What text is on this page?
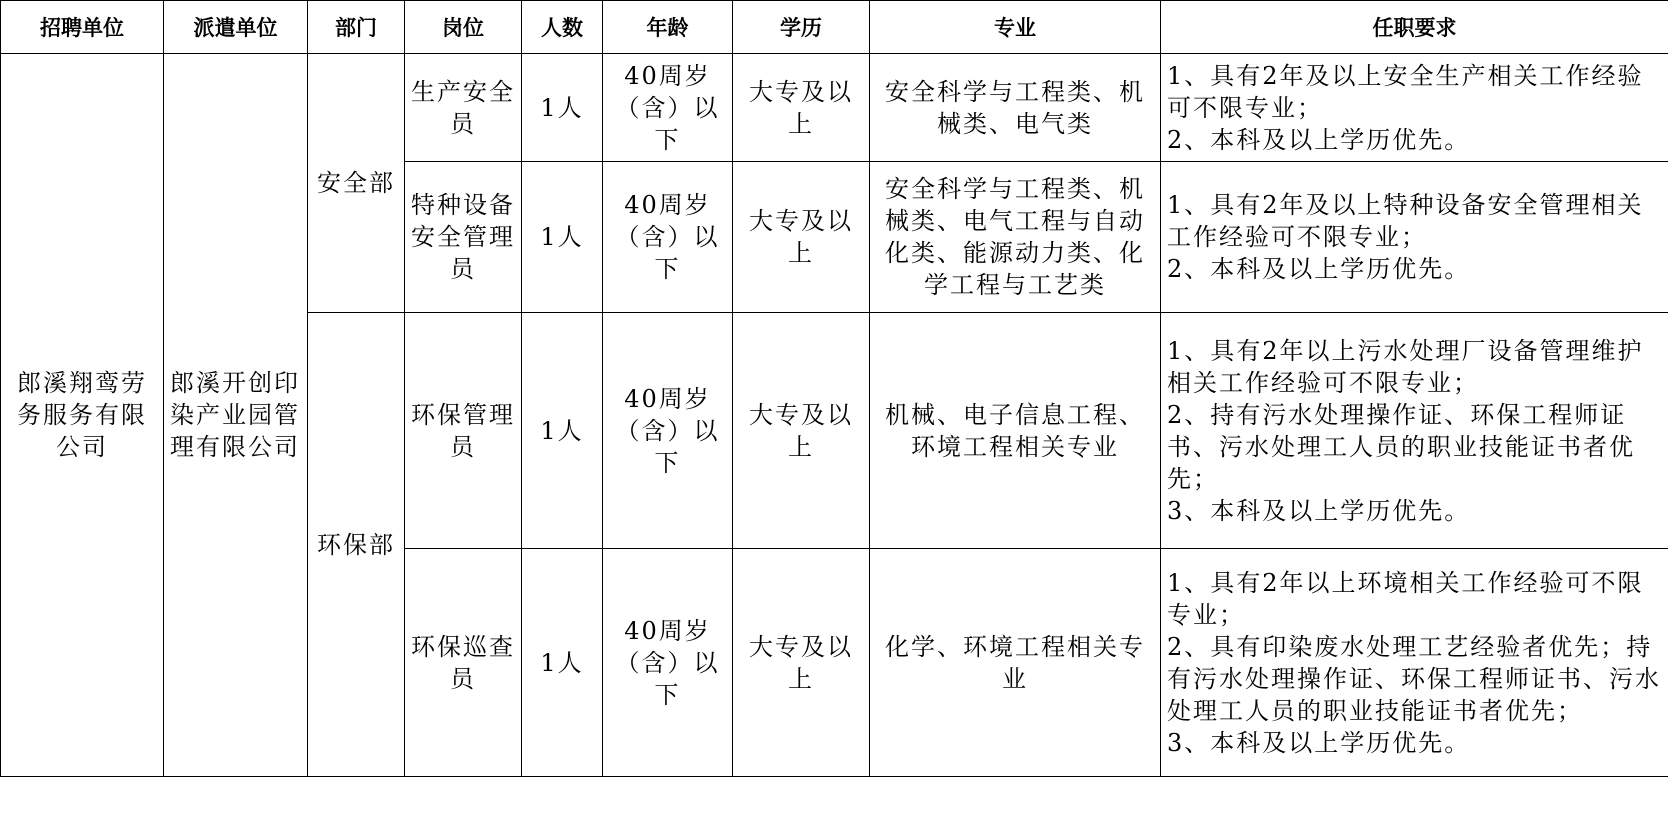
招聘单位	派遣单位	部门	岗位	人数	年龄	学历	专业	任职要求
郎溪翔鸾劳务服务有限公司	郎溪开创印染产业园管理有限公司	安全部	生产安全员	1人	40周岁（含）以下	大专及以上	安全科学与工程类、机械类、电气类	1、具有2年及以上安全生产相关工作经验可不限专业；
2、本科及以上学历优先。

			特种设备安全管理员	1人	40周岁（含）以下	大专及以上	安全科学与工程类、机械类、电气工程与自动化类、能源动力类、化学工程与工艺类	1、具有2年及以上特种设备安全管理相关工作经验可不限专业；
2、本科及以上学历优先。

		环保部	环保管理员	1人	40周岁（含）以下	大专及以上	机械、电子信息工程、环境工程相关专业	1、具有2年以上污水处理厂设备管理维护相关工作经验可不限专业；
2、持有污水处理操作证、环保工程师证书、污水处理工人员的职业技能证书者优先；
3、本科及以上学历优先。

			环保巡查员	1人	40周岁（含）以下	大专及以上	化学、环境工程相关专业	1、具有2年以上环境相关工作经验可不限专业；
2、具有印染废水处理工艺经验者优先；持有污水处理操作证、环保工程师证书、污水处理工人员的职业技能证书者优先；
3、本科及以上学历优先。
